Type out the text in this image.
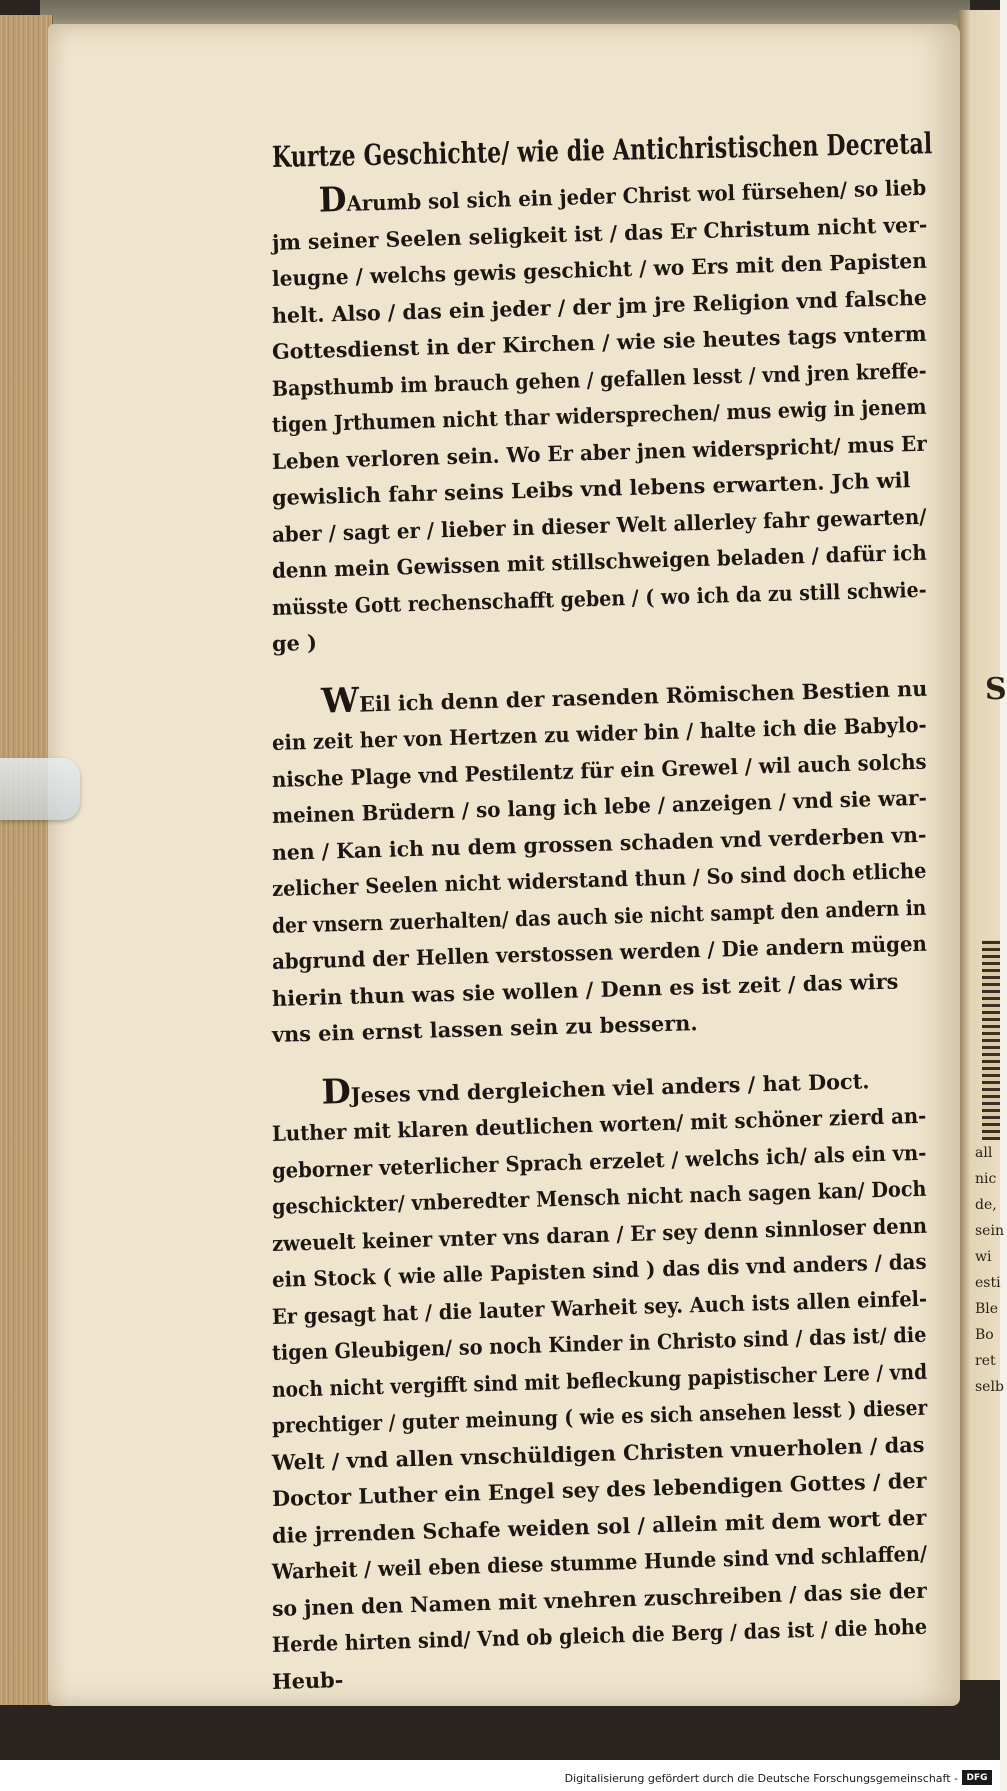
S
all
nic
de,
sein
wi
esti
Ble
Bo
ret
selb
Kurtze Geschichte/ wie die Antichristischen Decretal
DArumb sol sich ein jeder Christ wol fürsehen/ so lieb
jm seiner Seelen seligkeit ist / das Er Christum nicht ver-
leugne / welchs gewis geschicht / wo Ers mit den Papisten
helt. Also / das ein jeder / der jm jre Religion vnd falsche
Gottesdienst in der Kirchen / wie sie heutes tags vnterm
Bapsthumb im brauch gehen / gefallen lesst / vnd jren kreffe-
tigen Jrthumen nicht thar widersprechen/ mus ewig in jenem
Leben verloren sein. Wo Er aber jnen widerspricht/ mus Er
gewislich fahr seins Leibs vnd lebens erwarten. Jch wil
aber / sagt er / lieber in dieser Welt allerley fahr gewarten/
denn mein Gewissen mit stillschweigen beladen / dafür ich
müsste Gott rechenschafft geben / ( wo ich da zu still schwie-
ge )
WEil ich denn der rasenden Römischen Bestien nu
ein zeit her von Hertzen zu wider bin / halte ich die Babylo-
nische Plage vnd Pestilentz für ein Grewel / wil auch solchs
meinen Brüdern / so lang ich lebe / anzeigen / vnd sie war-
nen / Kan ich nu dem grossen schaden vnd verderben vn-
zelicher Seelen nicht widerstand thun / So sind doch etliche
der vnsern zuerhalten/ das auch sie nicht sampt den andern in
abgrund der Hellen verstossen werden / Die andern mügen
hierin thun was sie wollen / Denn es ist zeit / das wirs
vns ein ernst lassen sein zu bessern.
DJeses vnd dergleichen viel anders / hat Doct.
Luther mit klaren deutlichen worten/ mit schöner zierd an-
geborner veterlicher Sprach erzelet / welchs ich/ als ein vn-
geschickter/ vnberedter Mensch nicht nach sagen kan/ Doch
zweuelt keiner vnter vns daran / Er sey denn sinnloser denn
ein Stock ( wie alle Papisten sind ) das dis vnd anders / das
Er gesagt hat / die lauter Warheit sey. Auch ists allen einfel-
tigen Gleubigen/ so noch Kinder in Christo sind / das ist/ die
noch nicht vergifft sind mit befleckung papistischer Lere / vnd
prechtiger / guter meinung ( wie es sich ansehen lesst ) dieser
Welt / vnd allen vnschüldigen Christen vnuerholen / das
Doctor Luther ein Engel sey des lebendigen Gottes / der
die jrrenden Schafe weiden sol / allein mit dem wort der
Warheit / weil eben diese stumme Hunde sind vnd schlaffen/
so jnen den Namen mit vnehren zuschreiben / das sie der
Herde hirten sind/ Vnd ob gleich die Berg / das ist / die hohe
Heub-
Digitalisierung gefördert durch die Deutsche Forschungsgemeinschaft - DFG
